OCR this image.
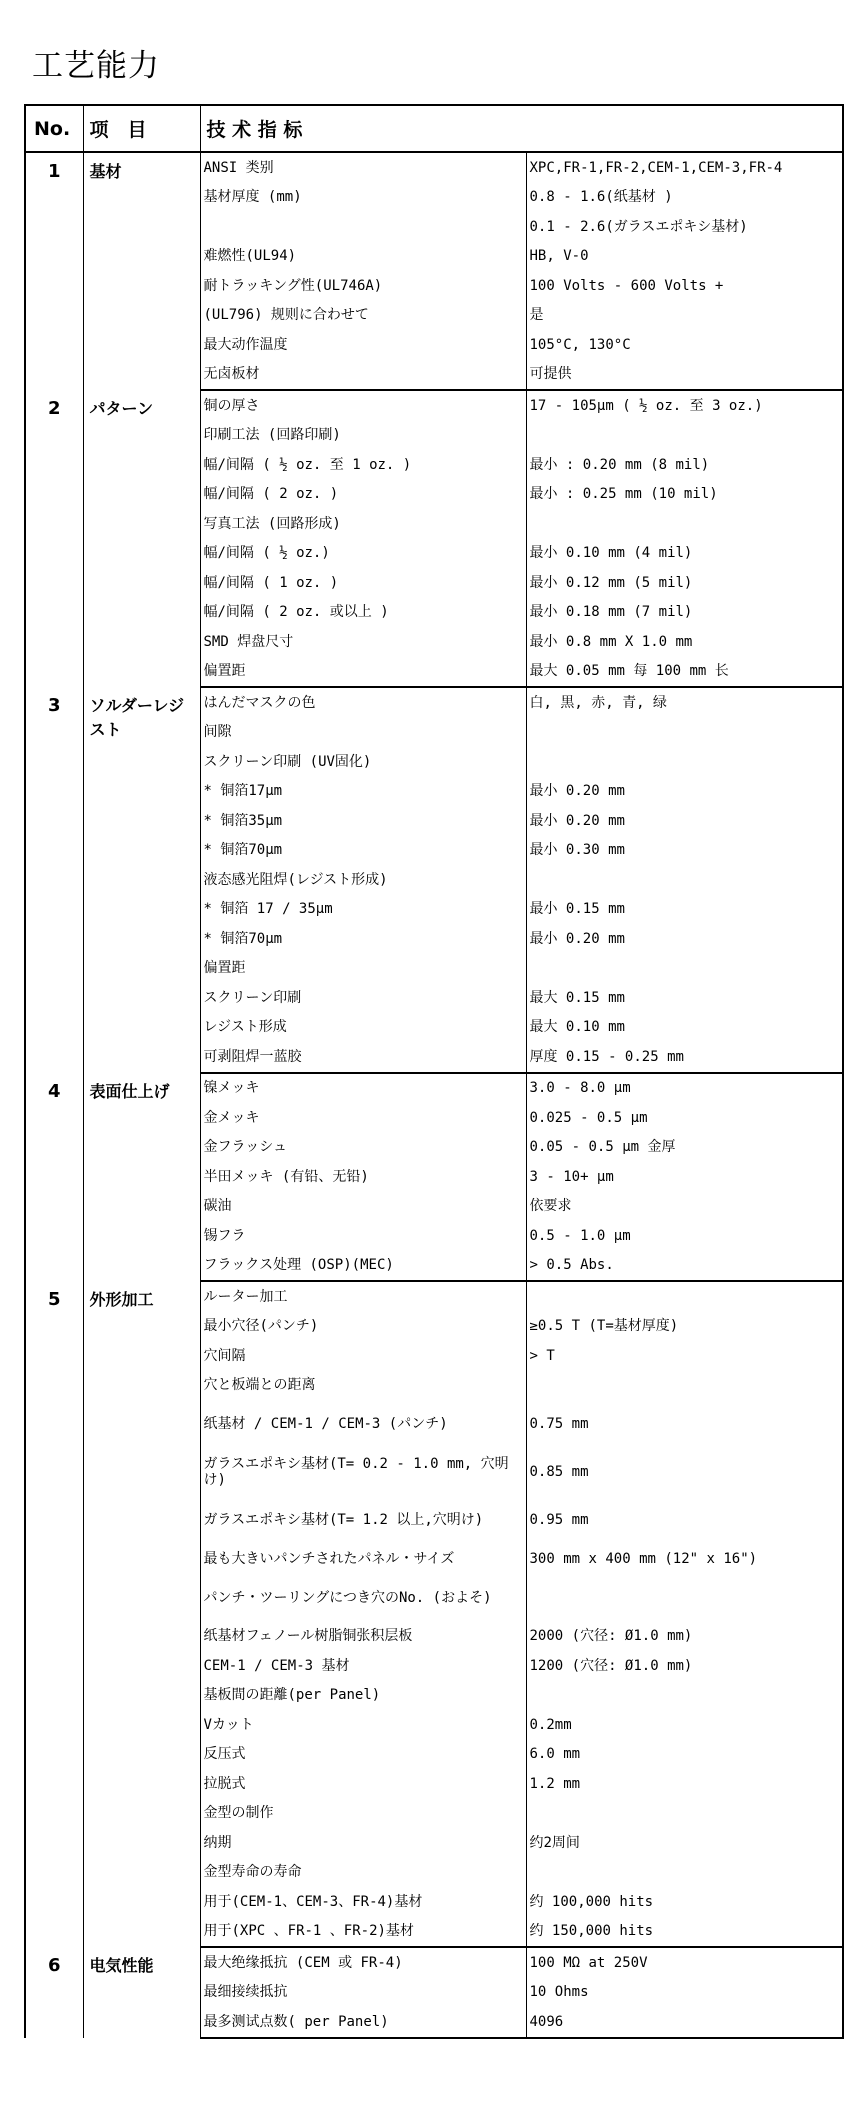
工艺能力
No.	项　目	技 术 指 标	
1	基材	ANSI 类别	XPC,FR-1,FR-2,CEM-1,CEM-3,FR-4
		基材厚度 (mm)	0.8 - 1.6(纸基材 )
			0.1 - 2.6(ガラスエポキシ基材)
		难燃性(UL94)	HB, V-0
		耐トラッキング性(UL746A)	100 Volts - 600 Volts +
		(UL796) 规则に合わせて	是
		最大动作温度	105°C, 130°C
		无卤板材	可提供
2	パターン	铜の厚さ	17 - 105μm ( ½ oz. 至 3 oz.)
		印刷工法 (回路印刷)	
		幅/间隔 ( ½ oz. 至 1 oz. )	最小 : 0.20 mm (8 mil)
		幅/间隔 ( 2 oz. )	最小 : 0.25 mm (10 mil)
		写真工法 (回路形成)	
		幅/间隔 ( ½ oz.)	最小 0.10 mm (4 mil)
		幅/间隔 ( 1 oz. )	最小 0.12 mm (5 mil)
		幅/间隔 ( 2 oz. 或以上 )	最小 0.18 mm (7 mil)
		SMD 焊盘尺寸	最小 0.8 mm X 1.0 mm
		偏置距	最大 0.05 mm 每 100 mm 长
3	ソルダーレジスト	はんだマスクの色	白, 黒, 赤, 青, 绿
		间隙	
		スクリーン印刷 (UV固化)	
		* 铜箔17μm	最小 0.20 mm
		* 铜箔35μm	最小 0.20 mm
		* 铜箔70μm	最小 0.30 mm
		液态感光阻焊(レジスト形成)	
		* 铜箔 17 / 35μm	最小 0.15 mm
		* 铜箔70μm	最小 0.20 mm
		偏置距	
		スクリーン印刷	最大 0.15 mm
		レジスト形成	最大 0.10 mm
		可剥阻焊一蓝胶	厚度 0.15 - 0.25 mm
4	表面仕上げ	镍メッキ	3.0 - 8.0 μm
		金メッキ	0.025 - 0.5 μm
		金フラッシュ	0.05 - 0.5 μm 金厚
		半田メッキ (有铅、无铅)	3 - 10+ μm
		碳油	依要求
		锡フラ	0.5 - 1.0 μm
		フラックス处理 (OSP)(MEC)	> 0.5 Abs.
5	外形加工	ルーター加工	
		最小穴径(パンチ)	≥0.5 T (T=基材厚度)
		穴间隔	> T
		穴と板端との距离	
		纸基材 / CEM-1 / CEM-3 (パンチ)	0.75 mm
		ガラスエポキシ基材(T= 0.2 - 1.0 mm, 穴明け)	0.85 mm
		ガラスエポキシ基材(T= 1.2 以上,穴明け)	0.95 mm
		最も大きいパンチされたパネル・サイズ	300 mm x 400 mm (12" x 16")
		パンチ・ツーリングにつき穴のNo. (およそ)	
		纸基材フェノール树脂铜张积层板	2000 (穴径: Ø1.0 mm)
		CEM-1 / CEM-3 基材	1200 (穴径: Ø1.0 mm)
		基板間の距離(per Panel)	
		Vカット	0.2mm
		反压式	6.0 mm
		拉脱式	1.2 mm
		金型の制作	
		纳期	约2周间
		金型寿命の寿命	
		用于(CEM-1、CEM-3、FR-4)基材	约 100,000 hits
		用于(XPC 、FR-1 、FR-2)基材	约 150,000 hits
6	电気性能	最大绝缘抵抗 (CEM 或 FR-4)	100 MΩ at 250V
		最细接续抵抗	10 Ohms
		最多测试点数( per Panel)	4096
